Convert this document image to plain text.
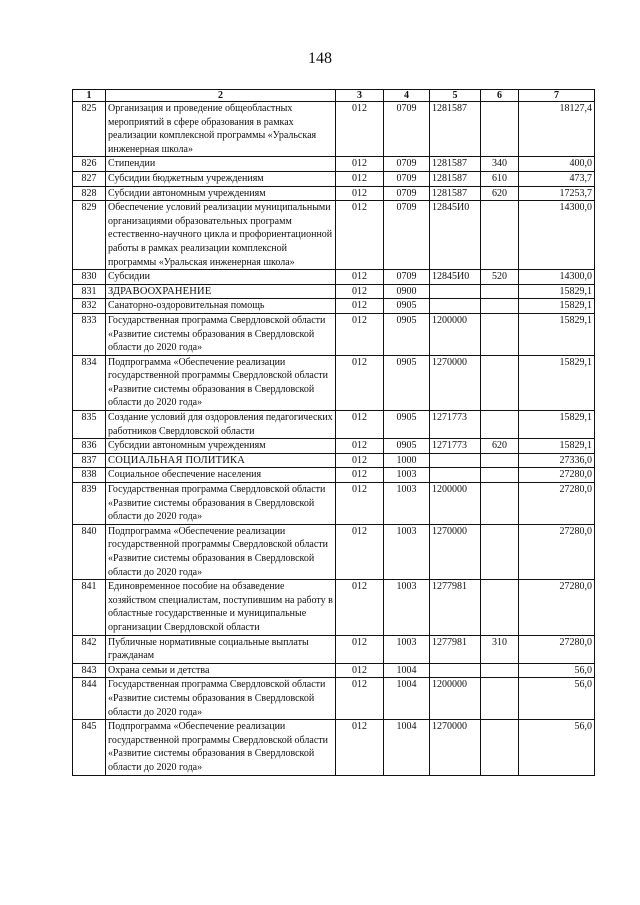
148
1	2	3	4	5	6	7
825	Организация и проведение общеобластных мероприятий в сфере образования в рамках реализации комплексной программы «Уральская инженерная школа»	012	0709	1281587		18127,4
826	Стипендии	012	0709	1281587	340	400,0
827	Субсидии бюджетным учреждениям	012	0709	1281587	610	473,7
828	Субсидии автономным учреждениям	012	0709	1281587	620	17253,7
829	Обеспечение условий реализации муниципальными организациями образовательных программ естественно-научного цикла и профориентационной работы в рамках реализации комплексной программы «Уральская инженерная школа»	012	0709	12845И0		14300,0
830	Субсидии	012	0709	12845И0	520	14300,0
831	ЗДРАВООХРАНЕНИЕ	012	0900			15829,1
832	Санаторно-оздоровительная помощь	012	0905			15829,1
833	Государственная программа Свердловской области «Развитие системы образования в Свердловской области до 2020 года»	012	0905	1200000		15829,1
834	Подпрограмма «Обеспечение реализации государственной программы Свердловской области «Развитие системы образования в Свердловской области до 2020 года»	012	0905	1270000		15829,1
835	Создание условий для оздоровления педагогических работников Свердловской области	012	0905	1271773		15829,1
836	Субсидии автономным учреждениям	012	0905	1271773	620	15829,1
837	СОЦИАЛЬНАЯ ПОЛИТИКА	012	1000			27336,0
838	Социальное обеспечение населения	012	1003			27280,0
839	Государственная программа Свердловской области «Развитие системы образования в Свердловской области до 2020 года»	012	1003	1200000		27280,0
840	Подпрограмма «Обеспечение реализации государственной программы Свердловской области «Развитие системы образования в Свердловской области до 2020 года»	012	1003	1270000		27280,0
841	Единовременное пособие на обзаведение хозяйством специалистам, поступившим на работу в областные государственные и муниципальные организации Свердловской области	012	1003	1277981		27280,0
842	Публичные нормативные социальные выплаты гражданам	012	1003	1277981	310	27280,0
843	Охрана семьи и детства	012	1004			56,0
844	Государственная программа Свердловской области «Развитие системы образования в Свердловской области до 2020 года»	012	1004	1200000		56,0
845	Подпрограмма «Обеспечение реализации государственной программы Свердловской области «Развитие системы образования в Свердловской области до 2020 года»	012	1004	1270000		56,0
